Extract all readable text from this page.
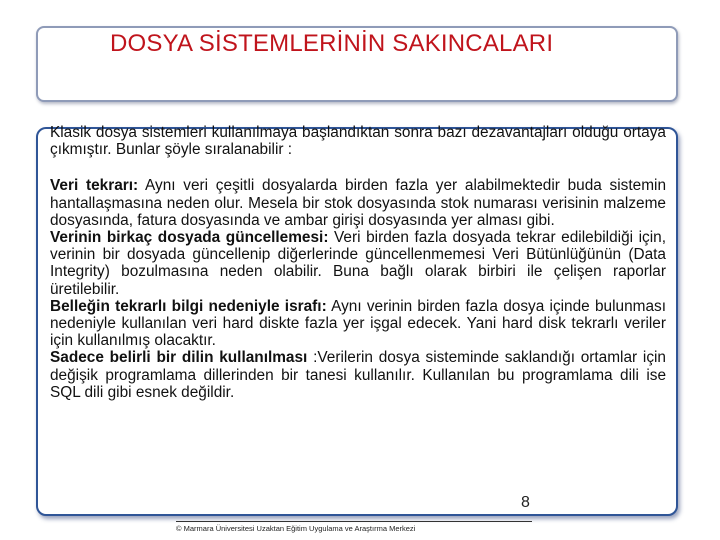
DOSYA SİSTEMLERİNİN SAKINCALARI

Klasik dosya sistemleri kullanılmaya başlandıktan sonra bazı dezavantajları olduğu ortaya çıkmıştır. Bunlar şöyle sıralanabilir :

Veri tekrarı: Aynı veri çeşitli dosyalarda birden fazla yer alabilmektedir buda sistemin hantallaşmasına neden olur. Mesela bir stok dosyasında stok numarası verisinin malzeme dosyasında, fatura dosyasında ve ambar girişi dosyasında yer alması gibi.

Verinin birkaç dosyada güncellemesi: Veri birden fazla dosyada tekrar edilebildiği için, verinin bir dosyada güncellenip diğerlerinde güncellenmemesi Veri Bütünlüğünün (Data Integrity) bozulmasına neden olabilir. Buna bağlı olarak birbiri ile çelişen raporlar üretilebilir.

Belleğin tekrarlı bilgi nedeniyle israfı: Aynı verinin birden fazla dosya içinde bulunması nedeniyle kullanılan veri hard diskte fazla yer işgal edecek. Yani hard disk tekrarlı veriler için kullanılmış olacaktır.

Sadece belirli bir dilin kullanılması :Verilerin dosya sisteminde saklandığı ortamlar için değişik programlama dillerinden bir tanesi kullanılır. Kullanılan bu programlama dili ise SQL dili gibi esnek değildir.

8
© Marmara Üniversitesi Uzaktan Eğitim Uygulama ve Araştırma Merkezi
